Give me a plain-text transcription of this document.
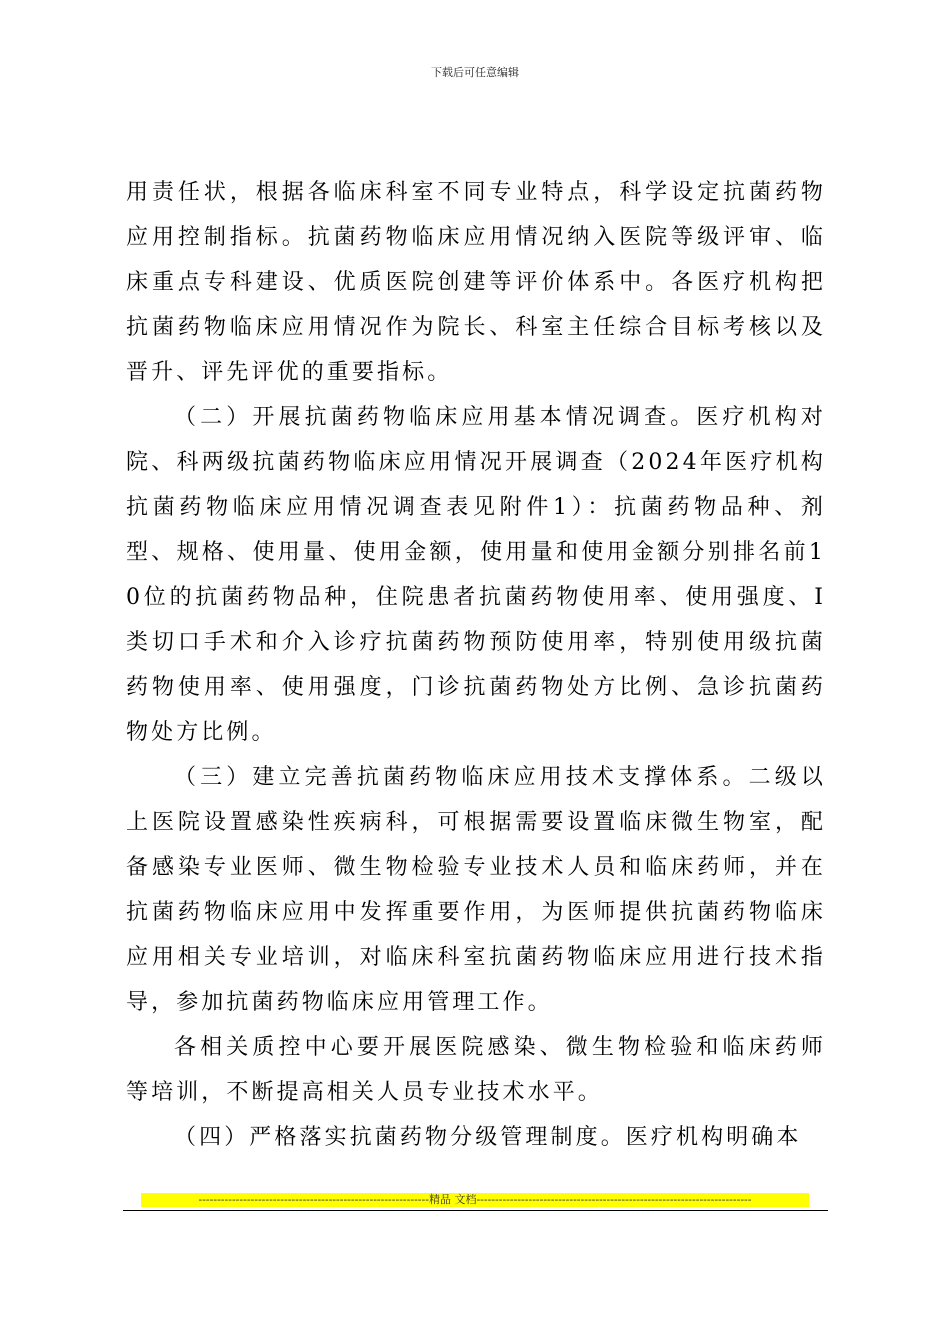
下载后可任意编辑

用责任状，根据各临床科室不同专业特点，科学设定抗菌药物应用控制指标。抗菌药物临床应用情况纳入医院等级评审、临床重点专科建设、优质医院创建等评价体系中。各医疗机构把抗菌药物临床应用情况作为院长、科室主任综合目标考核以及晋升、评先评优的重要指标。

（二）开展抗菌药物临床应用基本情况调查。医疗机构对院、科两级抗菌药物临床应用情况开展调查（2024年医疗机构抗菌药物临床应用情况调查表见附件1）：抗菌药物品种、剂型、规格、使用量、使用金额，使用量和使用金额分别排名前10位的抗菌药物品种，住院患者抗菌药物使用率、使用强度、I类切口手术和介入诊疗抗菌药物预防使用率，特别使用级抗菌药物使用率、使用强度，门诊抗菌药物处方比例、急诊抗菌药物处方比例。

（三）建立完善抗菌药物临床应用技术支撑体系。二级以上医院设置感染性疾病科，可根据需要设置临床微生物室，配备感染专业医师、微生物检验专业技术人员和临床药师，并在抗菌药物临床应用中发挥重要作用，为医师提供抗菌药物临床应用相关专业培训，对临床科室抗菌药物临床应用进行技术指导，参加抗菌药物临床应用管理工作。

各相关质控中心要开展医院感染、微生物检验和临床药师等培训，不断提高相关人员专业技术水平。

（四）严格落实抗菌药物分级管理制度。医疗机构明确本

--------------------------------------------------------------精品 文档--------------------------------------------------------------------------
